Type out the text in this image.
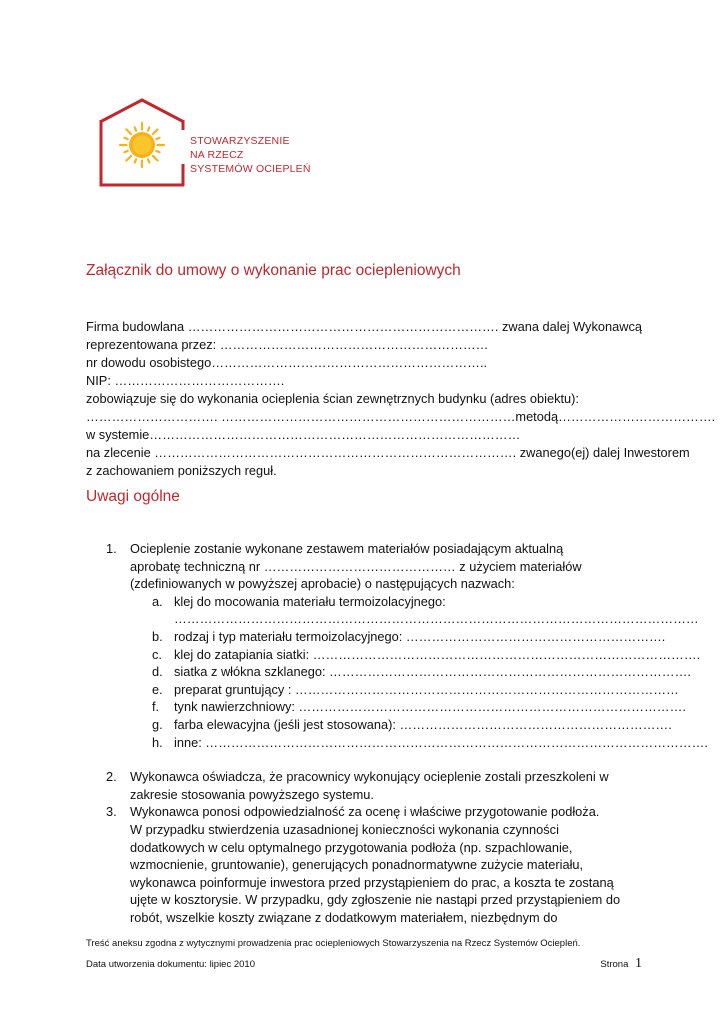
STOWARZYSZENIE
NA RZECZ
SYSTEMÓW OCIEPLEŃ
Załącznik do umowy o wykonanie prac ociepleniowych
Firma budowlana ………………………………………………………………. zwana dalej Wykonawcą
reprezentowana przez: ………………………………………………………
nr dowodu osobistego………………………………………………………..
NIP: ………………………………….
zobowiązuje się do wykonania ocieplenia ścian zewnętrznych budynku (adres obiektu):
…………………………. ……………………………………………………………metodą……………………………….
w systemie……………………………………………………………………………
na zlecenie …………………………………………………………………………. zwanego(ej) dalej Inwestorem
z zachowaniem poniższych reguł.
Uwagi ogólne
1.	Ocieplenie zostanie wykonane zestawem materiałów posiadającym aktualną
aprobatę techniczną nr ……………………………………… z użyciem materiałów
(zdefiniowanych w powyższej aprobacie) o następujących nazwach:
a. klej do mocowania materiału termoizolacyjnego:
……………………………………………………………………………………………………………
b. rodzaj i typ materiału termoizolacyjnego: …………………………………………………….
c. klej do zatapiania siatki: ……………………………………………………………………………….
d. siatka z włókna szklanego: ………………………………………………………………………….
e. preparat gruntujący : ………………………………………………………………………………
f.	tynk nawierzchniowy: ……………………………………………………………………………….
g. farba elewacyjna (jeśli jest stosowana): ……………………………………………………….
h. inne: ……………………………………………………………………………………………………….
2.	Wykonawca oświadcza, że pracownicy wykonujący ocieplenie zostali przeszkoleni w
zakresie stosowania powyższego systemu.
3.	Wykonawca ponosi odpowiedzialność za ocenę i właściwe przygotowanie podłoża.
W przypadku stwierdzenia uzasadnionej konieczności wykonania czynności
dodatkowych w celu optymalnego przygotowania podłoża (np. szpachlowanie,
wzmocnienie, gruntowanie), generujących ponadnormatywne zużycie materiału,
wykonawca poinformuje inwestora przed przystąpieniem do prac, a koszta te zostaną
ujęte w kosztorysie. W przypadku, gdy zgłoszenie nie nastąpi przed przystąpieniem do
robót, wszelkie koszty związane z dodatkowym materiałem, niezbędnym do
Treść aneksu zgodna z wytycznymi prowadzenia prac ociepleniowych Stowarzyszenia na Rzecz Systemów Ociepleń.
Data utworzenia dokumentu: lipiec 2010	Strona 1
